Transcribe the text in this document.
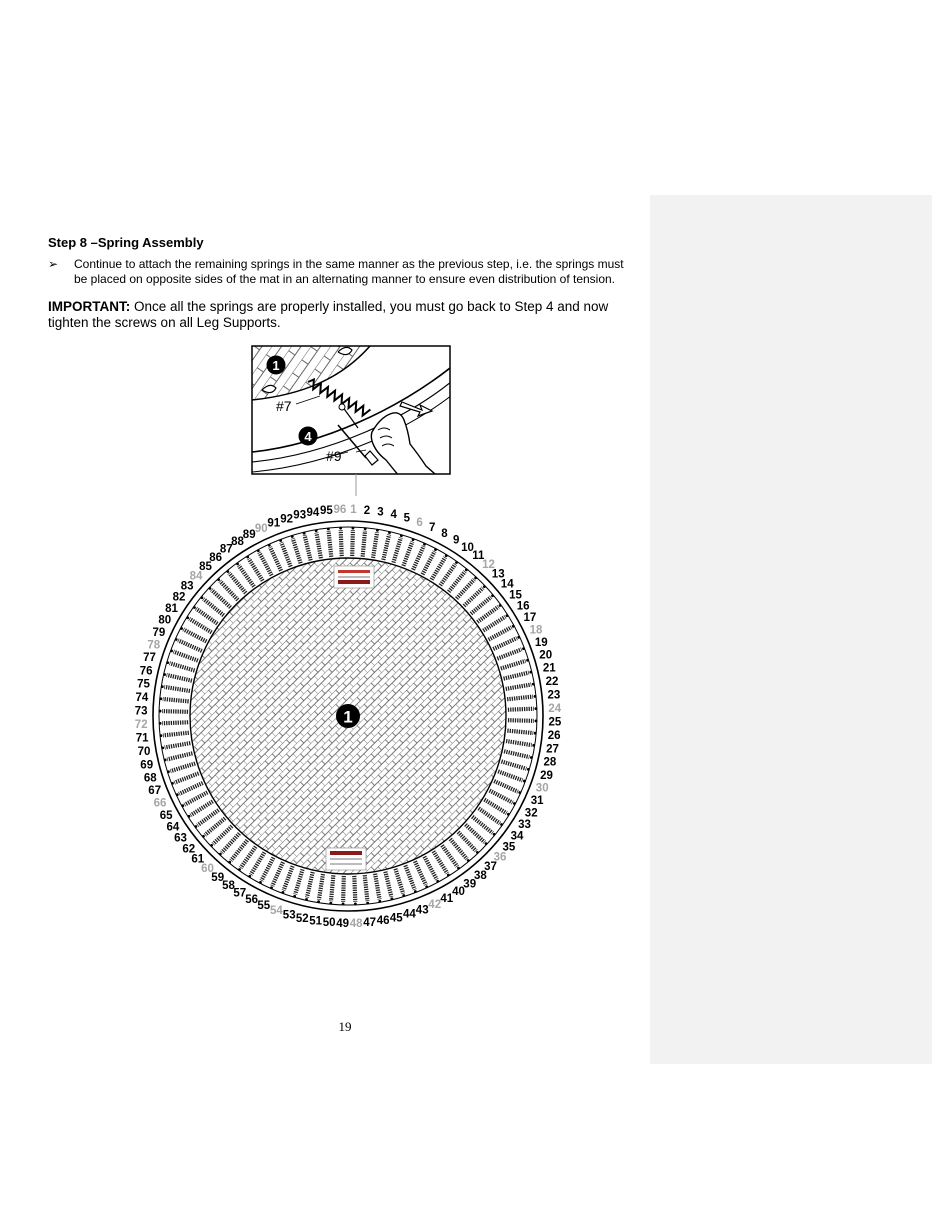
Step 8 –Spring Assembly
➢ Continue to attach the remaining springs in the same manner as the previous step, i.e. the springs must be placed on opposite sides of the mat in an alternating manner to ensure even distribution of tension.
IMPORTANT: Once all the springs are properly installed, you must go back to Step 4 and now tighten the screws on all Leg Supports.
1
4
#7
#9
1
1 2 3 4 5 6 7 8
9
10
11
12
13
14
15
16
17
18
19
20
21
22
23
24
25
26
27
28
29
30
31
32
33
34
35
36
37
38
39
40
41
42
43
44
45
46
47
48
49
50
51
52
53
54
55
56
57
58
59
60
61
62
63
64
65
66
67
68
69
70
71
72
73
74
75
76
77
78
79
80
81
82
83
84
85
86
87
88
89
90 91 92 93 94 95 96
19
